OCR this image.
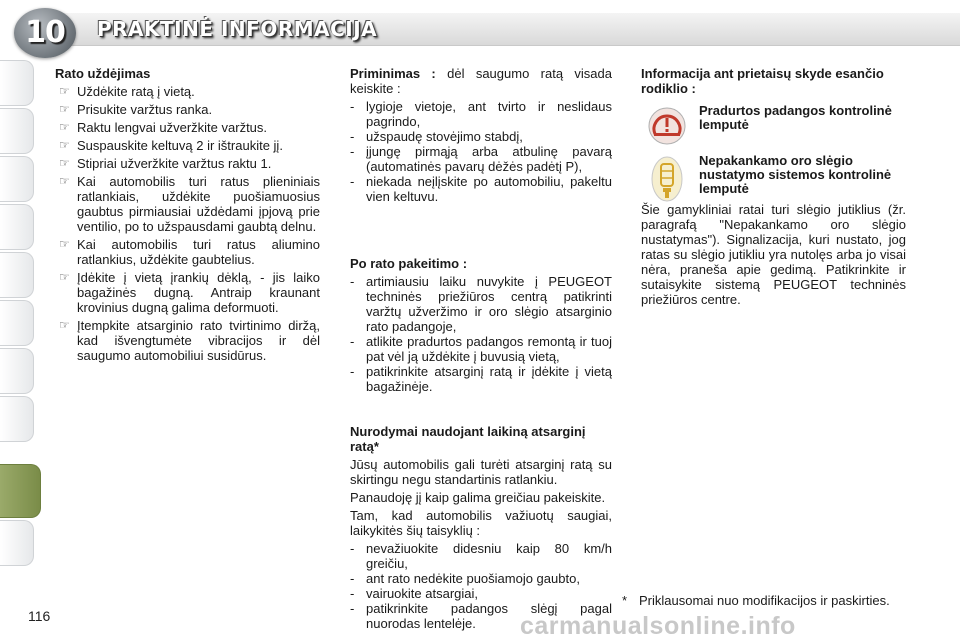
10	PRAKTINĖ INFORMACIJA
Rato uždėjimas
☞ Uždėkite ratą į vietą.
☞ Prisukite varžtus ranka.
☞ Raktu lengvai užveržkite varžtus.
☞ Suspauskite keltuvą 2 ir ištraukite jį.
☞ Stipriai užveržkite varžtus raktu 1.
☞ Kai automobilis turi ratus plieniniais ratlankiais, uždėkite puošiamuosius gaubtus pirmiausiai uždėdami įpjovą prie ventilio, po to užspausdami gaubtą delnu.
☞ Kai automobilis turi ratus aliumino ratlankius, uždėkite gaubtelius.
☞ Įdėkite į vietą įrankių dėklą, - jis laiko bagažinės dugną. Antraip kraunant krovinius dugną galima deformuoti.
☞ Įtempkite atsarginio rato tvirtinimo diržą, kad išvengtumėte vibracijos ir dėl saugumo automobiliui susidūrus.

Priminimas : dėl saugumo ratą visada keiskite :

- lygioje vietoje, ant tvirto ir neslidaus pagrindo,
- užspaudę stovėjimo stabdį,
- įjungę pirmąją arba atbulinę pavarą (automatinės pavarų dėžės padėtį P),
- niekada neįlįskite po automobiliu, pakeltu vien keltuvu.
Po rato pakeitimo :
- artimiausiu laiku nuvykite į PEUGEOT techninės priežiūros centrą patikrinti varžtų užveržimo ir oro slėgio atsarginio rato padangoje,
- atlikite pradurtos padangos remontą ir tuoj pat vėl ją uždėkite į buvusią vietą,
- patikrinkite atsarginį ratą ir įdėkite į vietą bagažinėje.
Nurodymai naudojant laikiną atsarginį ratą*

Jūsų automobilis gali turėti atsarginį ratą su skirtingu negu standartinis ratlankiu.

Panaudoję jį kaip galima greičiau pakeiskite.

Tam, kad automobilis važiuotų saugiai, laikykitės šių taisyklių :

- nevažiuokite didesniu kaip 80 km/h greičiu,
- ant rato nedėkite puošiamojo gaubto,
- vairuokite atsargiai,
- patikrinkite padangos slėgį pagal nuorodas lentelėje.
Informacija ant prietaisų skyde esančio rodiklio :
Pradurtos padangos kontrolinė lemputė
Nepakankamo oro slėgio nustatymo sistemos kontrolinė lemputė

Šie gamykliniai ratai turi slėgio jutiklius (žr. paragrafą "Nepakankamo oro slėgio nustatymas"). Signalizacija, kuri nustato, jog ratas su slėgio jutikliu yra nutolęs arba jo visai nėra, praneša apie gedimą. Patikrinkite ir sutaisykite sistemą PEUGEOT techninės priežiūros centre.

* Priklausomai nuo modifikacijos ir paskirties.
116	carmanualsonline.info
